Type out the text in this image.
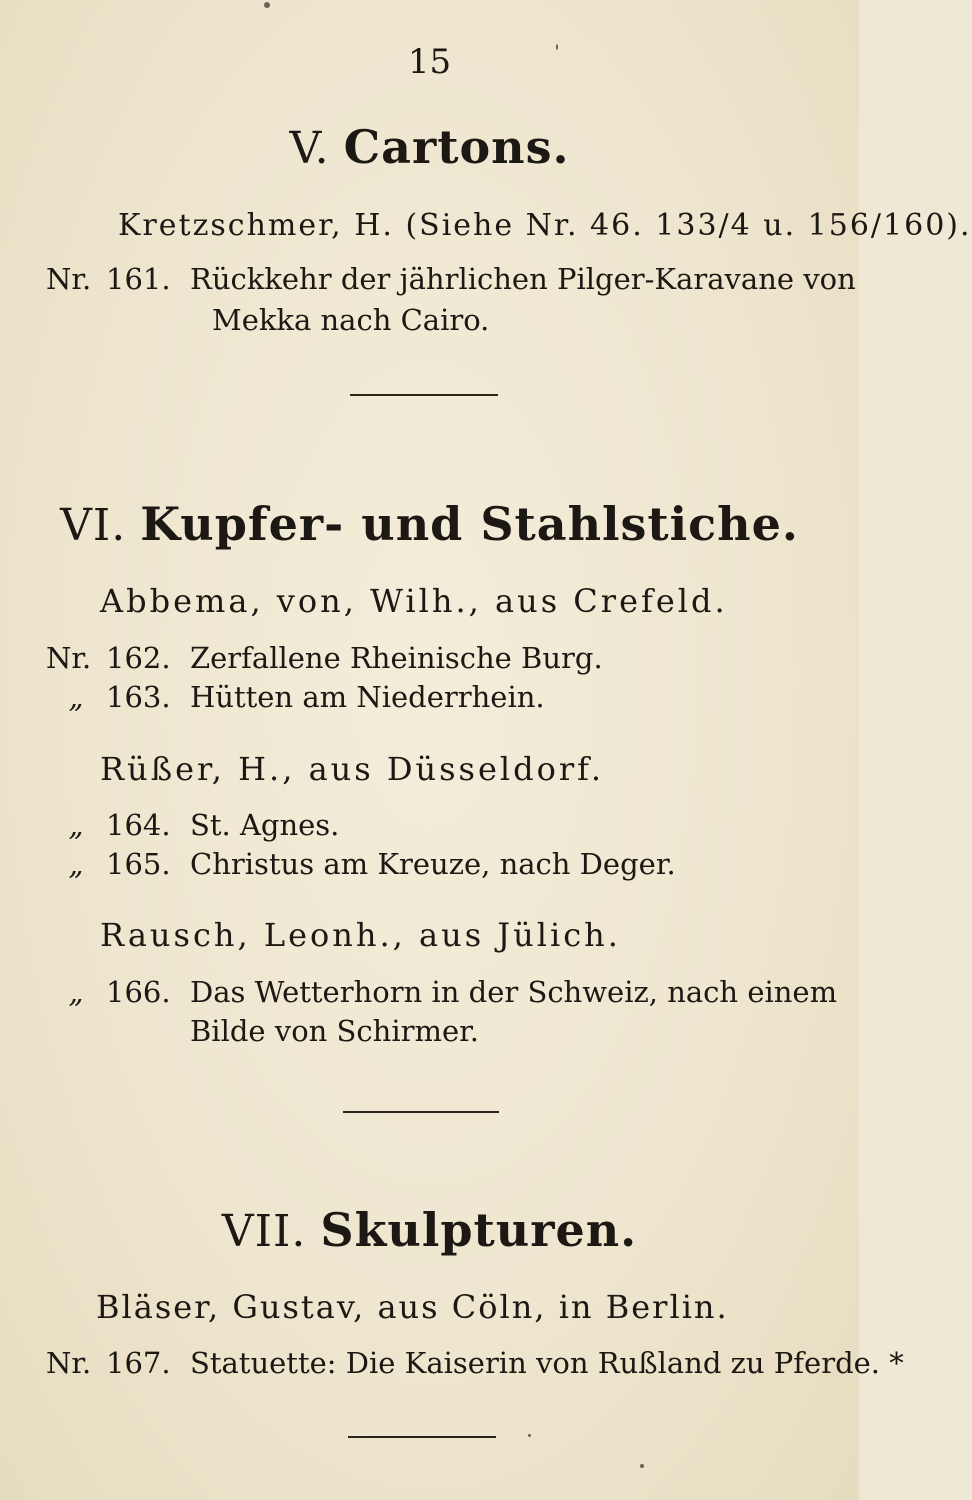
15
V. Cartons.
Kretzschmer, H. (Siehe Nr. 46. 133/4 u. 156/160).
Nr. 161. Rückkehr der jährlichen Pilger-Karavane von
Mekka nach Cairo.
VI. Kupfer- und Stahlstiche.
Abbema, von, Wilh., aus Crefeld.
Nr. 162. Zerfallene Rheinische Burg.
„ 163. Hütten am Niederrhein.
Rüßer, H., aus Düsseldorf.
„ 164. St. Agnes.
„ 165. Christus am Kreuze, nach Deger.
Rausch, Leonh., aus Jülich.
„ 166. Das Wetterhorn in der Schweiz, nach einem
Bilde von Schirmer.
VII. Skulpturen.
Bläser, Gustav, aus Cöln, in Berlin.
Nr. 167. Statuette: Die Kaiserin von Rußland zu Pferde. *
